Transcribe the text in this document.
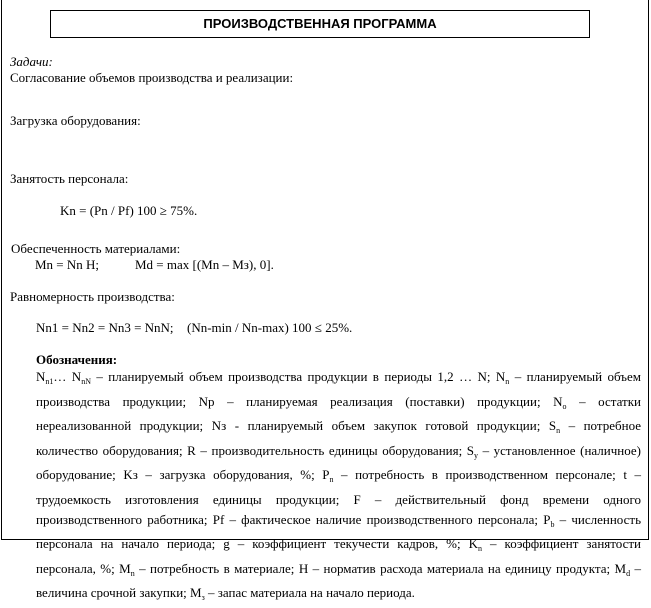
ПРОИЗВОДСТВЕННАЯ ПРОГРАММА
Задачи:
Согласование объемов производства и реализации:
Загрузка оборудования:
Занятость персонала:
Kn = (Pn / Pf) 100 ≥ 75%.
Обеспеченность материалами:
Mn = Nn H;	Md = max [(Mn – Mз), 0].
Равномерность производства:
Nn1 = Nn2 = Nn3 = NnN; (Nn-min / Nn-max) 100 ≤ 25%.
Обозначения:
$N_{n1}\dots$ $N_{nN}$ – планируемый объем производства продукции в периоды 1,2 … N; $N_n$ – планируемый объем производства продукции; Np – планируемая реализация (поставки) продукции; $N_o$ – остатки нереализованной продукции; Nз - планируемый объем закупок готовой продукции; $S_n$ – потребное количество оборудования; R – производительность единицы оборудования; $S_y$ – установленное (наличное) оборудование; Kз – загрузка оборудования, %; $P_n$ – потребность в производственном персонале; t – трудоемкость изготовления единицы продукции; F – действительный фонд времени одного производственного работника; Pf – фактическое наличие производственного персонала; $P_b$ – численность персонала на начало периода; g – коэффициент текучести кадров, %; $K_n$ – коэффициент занятости персонала, %; $M_n$ – потребность в материале; H – норматив расхода материала на единицу продукта; $M_d$ – величина срочной закупки; $M_з$ – запас материала на начало периода.
